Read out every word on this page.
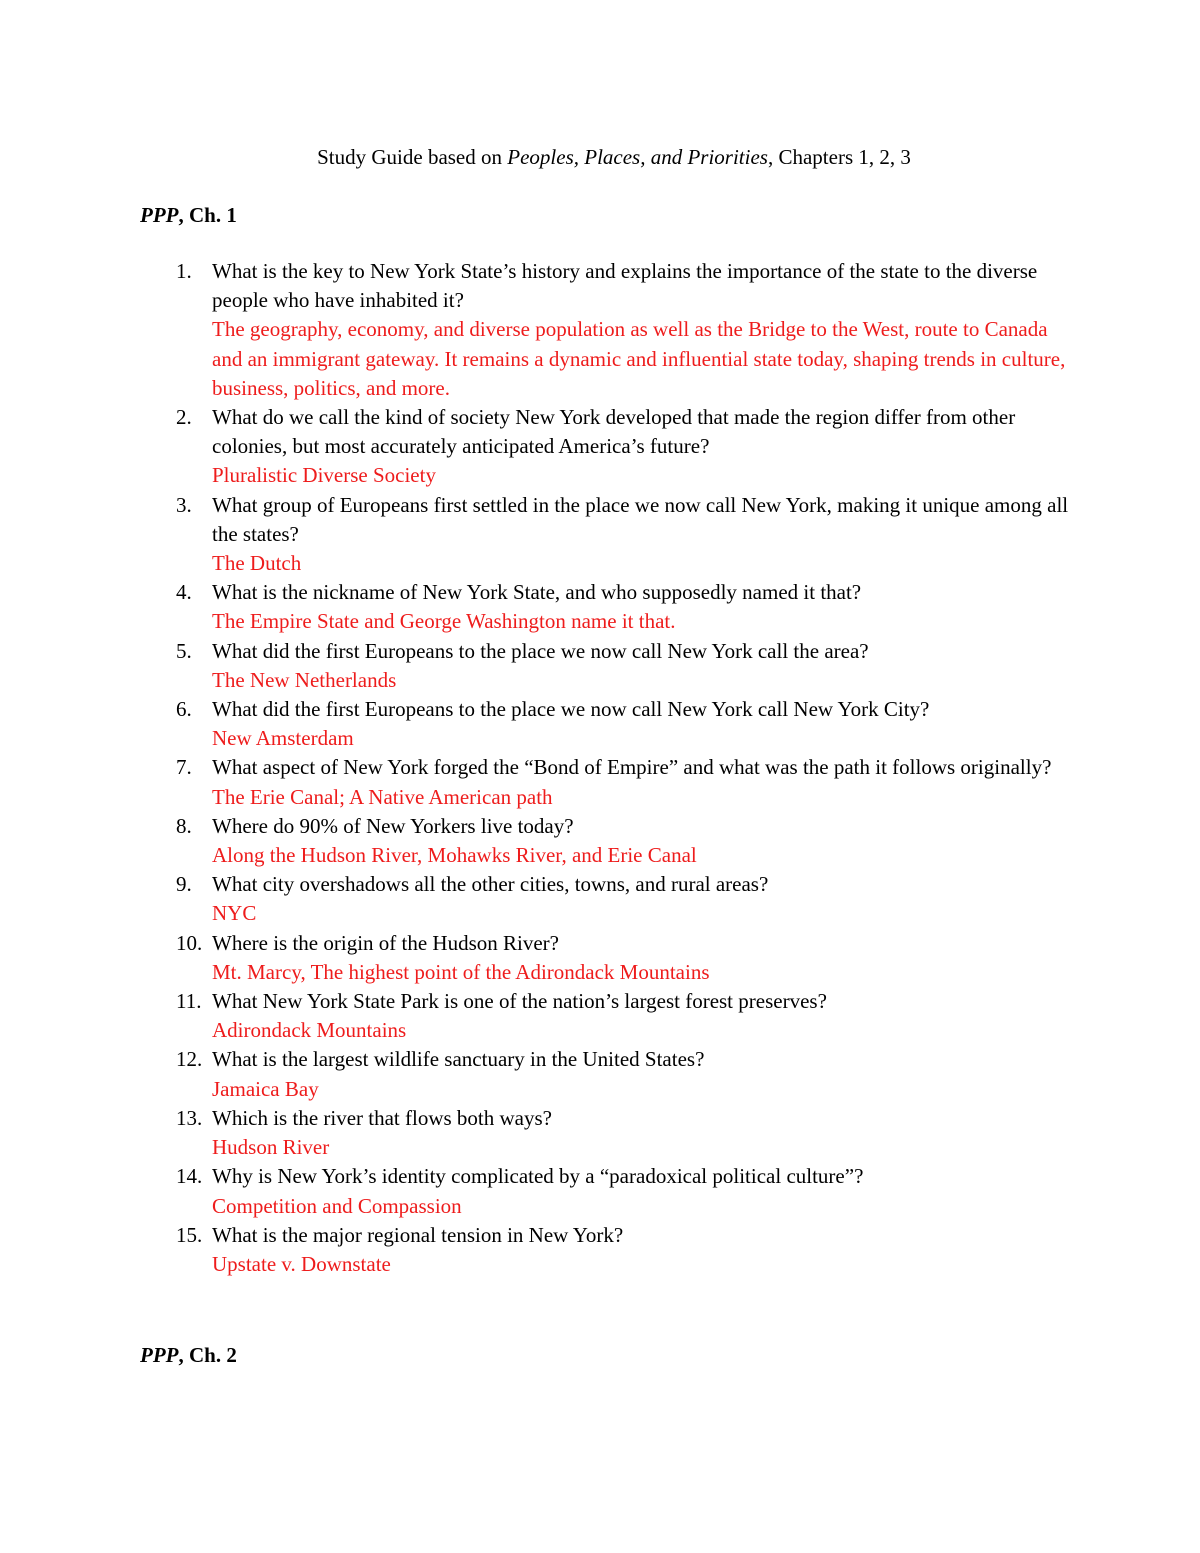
Study Guide based on Peoples, Places, and Priorities, Chapters 1, 2, 3
PPP, Ch. 1
1. What is the key to New York State’s history and explains the importance of the state to the diverse people who have inhabited it?
The geography, economy, and diverse population as well as the Bridge to the West, route to Canada and an immigrant gateway. It remains a dynamic and influential state today, shaping trends in culture, business, politics, and more.
2. What do we call the kind of society New York developed that made the region differ from other colonies, but most accurately anticipated America’s future?
Pluralistic Diverse Society
3. What group of Europeans first settled in the place we now call New York, making it unique among all the states?
The Dutch
4. What is the nickname of New York State, and who supposedly named it that?
The Empire State and George Washington name it that.
5. What did the first Europeans to the place we now call New York call the area?
The New Netherlands
6. What did the first Europeans to the place we now call New York call New York City?
New Amsterdam
7. What aspect of New York forged the “Bond of Empire” and what was the path it follows originally?
The Erie Canal; A Native American path
8. Where do 90% of New Yorkers live today?
Along the Hudson River, Mohawks River, and Erie Canal
9. What city overshadows all the other cities, towns, and rural areas?
NYC
10. Where is the origin of the Hudson River?
Mt. Marcy, The highest point of the Adirondack Mountains
11. What New York State Park is one of the nation’s largest forest preserves?
Adirondack Mountains
12. What is the largest wildlife sanctuary in the United States?
Jamaica Bay
13. Which is the river that flows both ways?
Hudson River
14. Why is New York’s identity complicated by a “paradoxical political culture”?
Competition and Compassion
15. What is the major regional tension in New York?
Upstate v. Downstate
PPP, Ch. 2
